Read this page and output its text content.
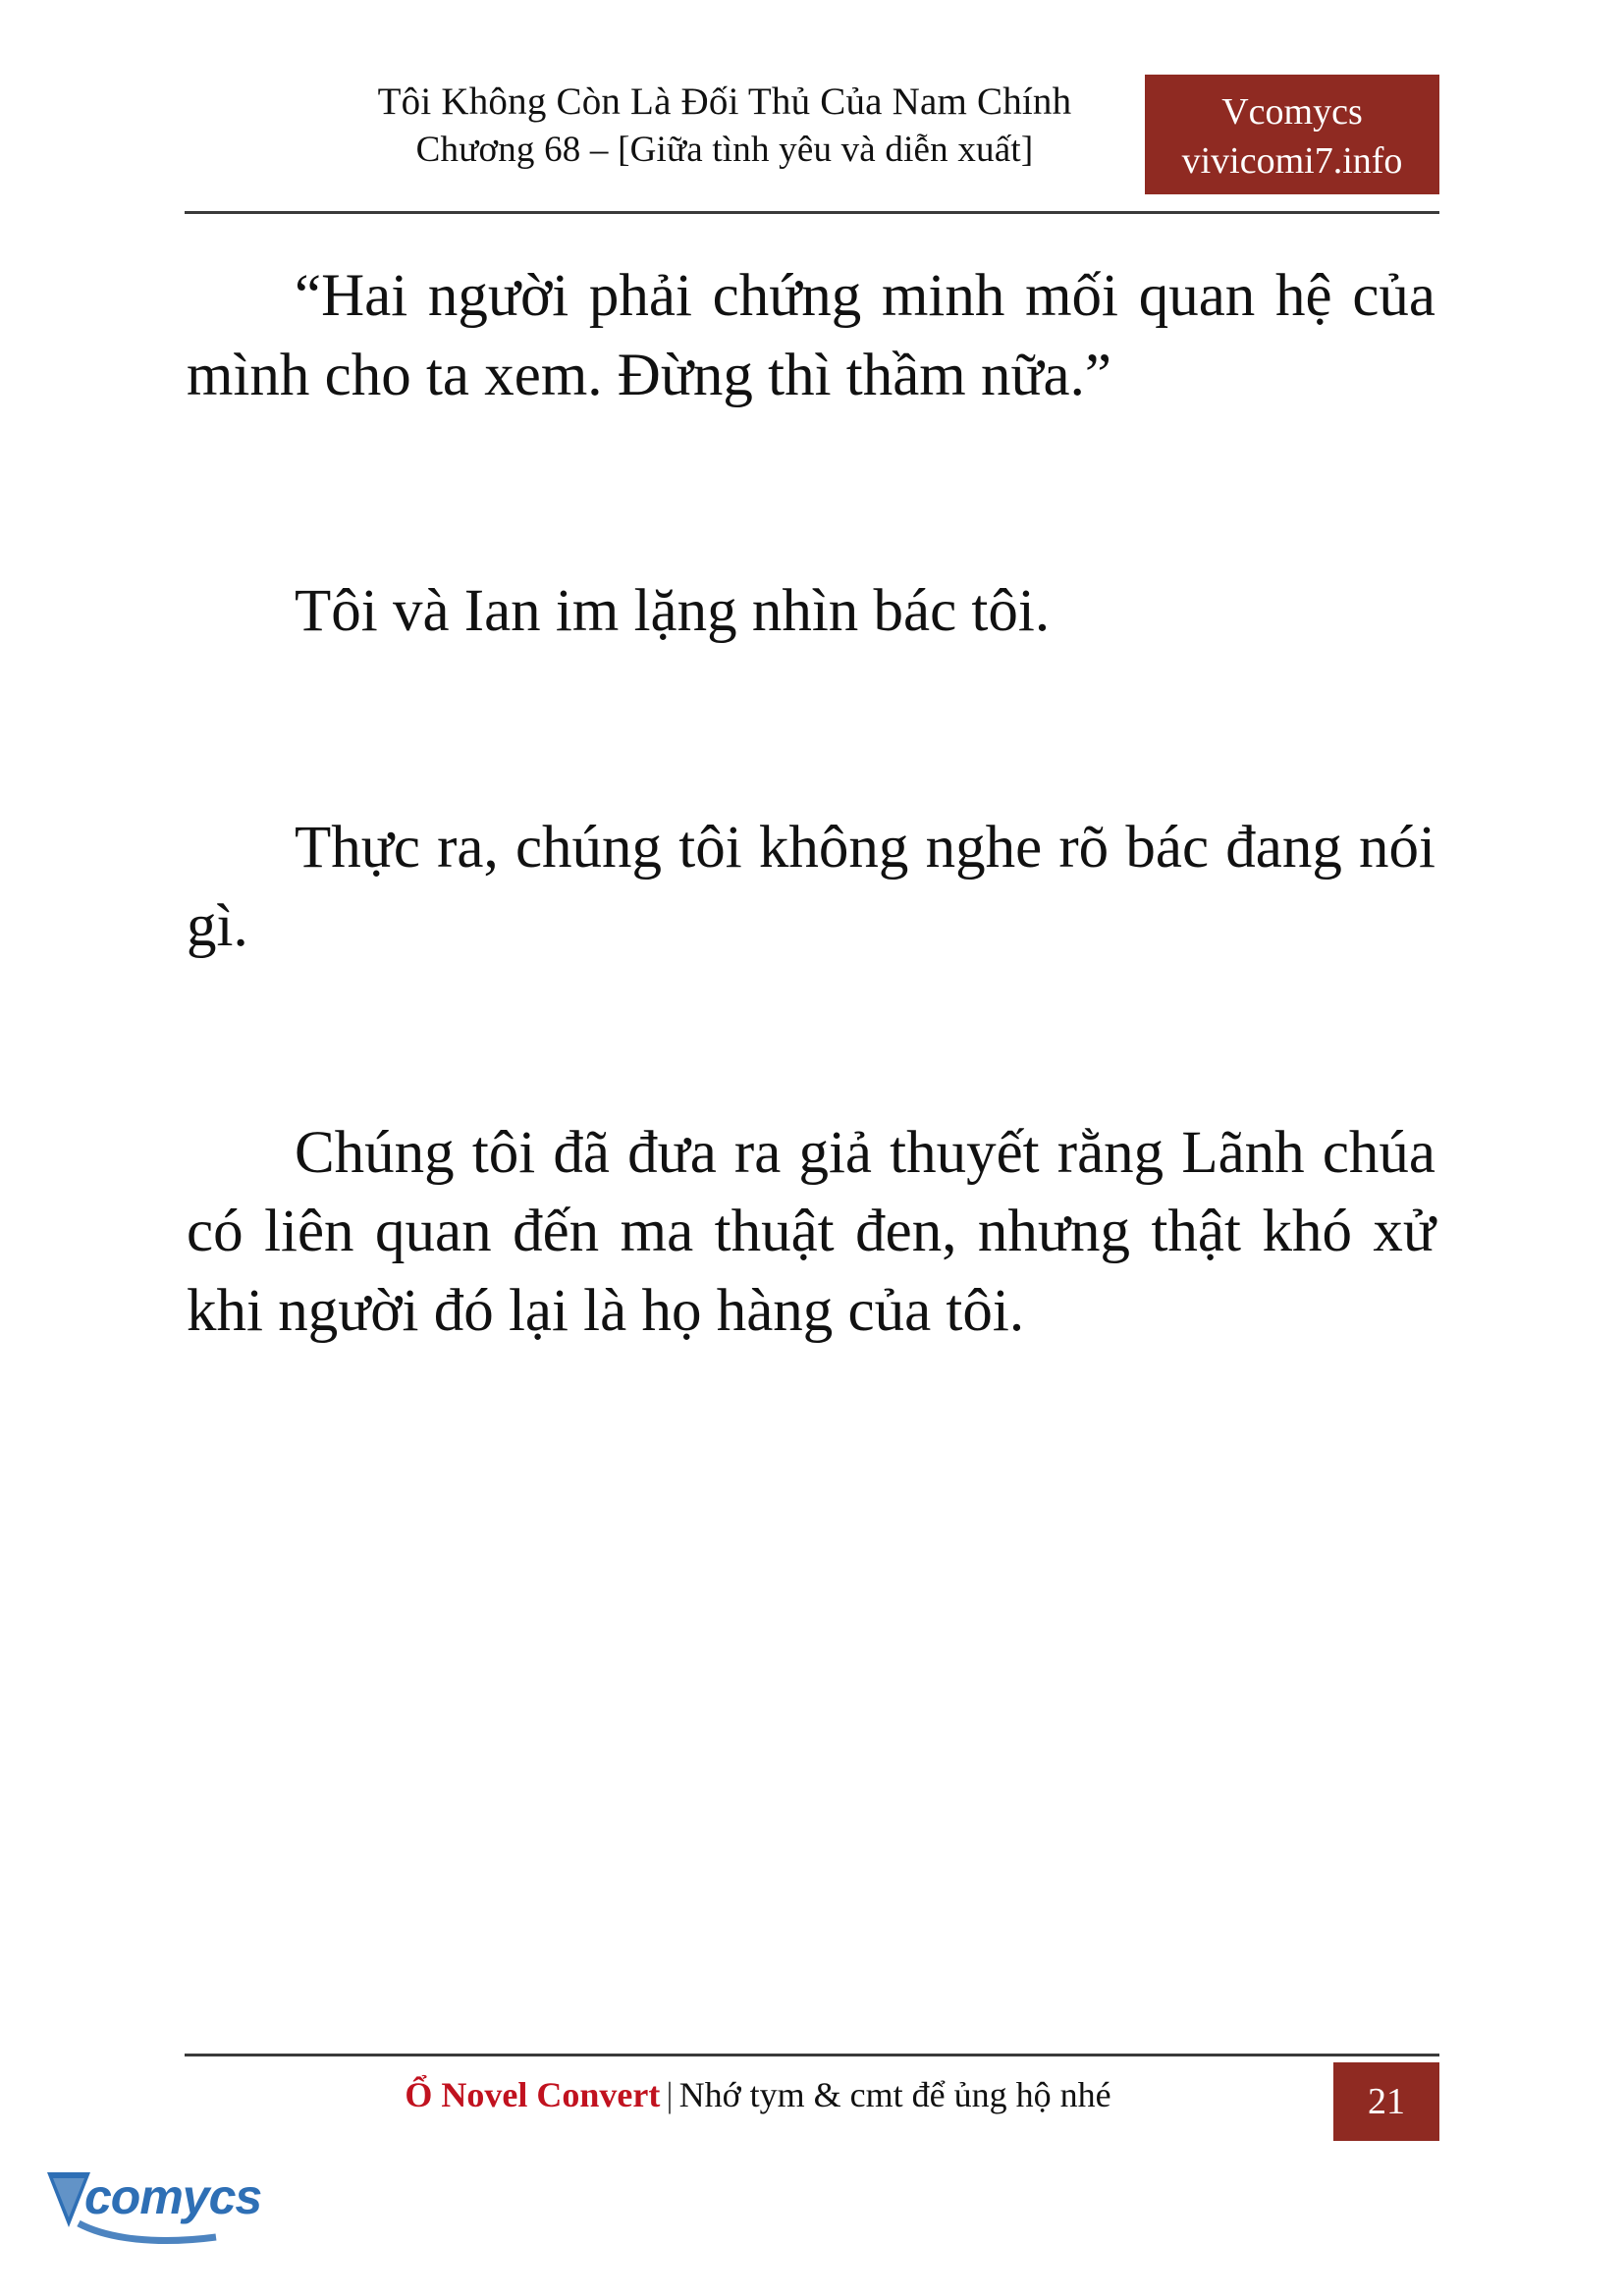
Tôi Không Còn Là Đối Thủ Của Nam Chính
Chương 68 – [Giữa tình yêu và diễn xuất]
Vcomycs
vivicomi7.info

“Hai người phải chứng minh mối quan hệ của mình cho ta xem. Đừng thì thầm nữa.”

Tôi và Ian im lặng nhìn bác tôi.

Thực ra, chúng tôi không nghe rõ bác đang nói gì.

Chúng tôi đã đưa ra giả thuyết rằng Lãnh chúa có liên quan đến ma thuật đen, nhưng thật khó xử khi người đó lại là họ hàng của tôi.

Ổ Novel Convert | Nhớ tym & cmt để ủng hộ nhé	21
comycs
